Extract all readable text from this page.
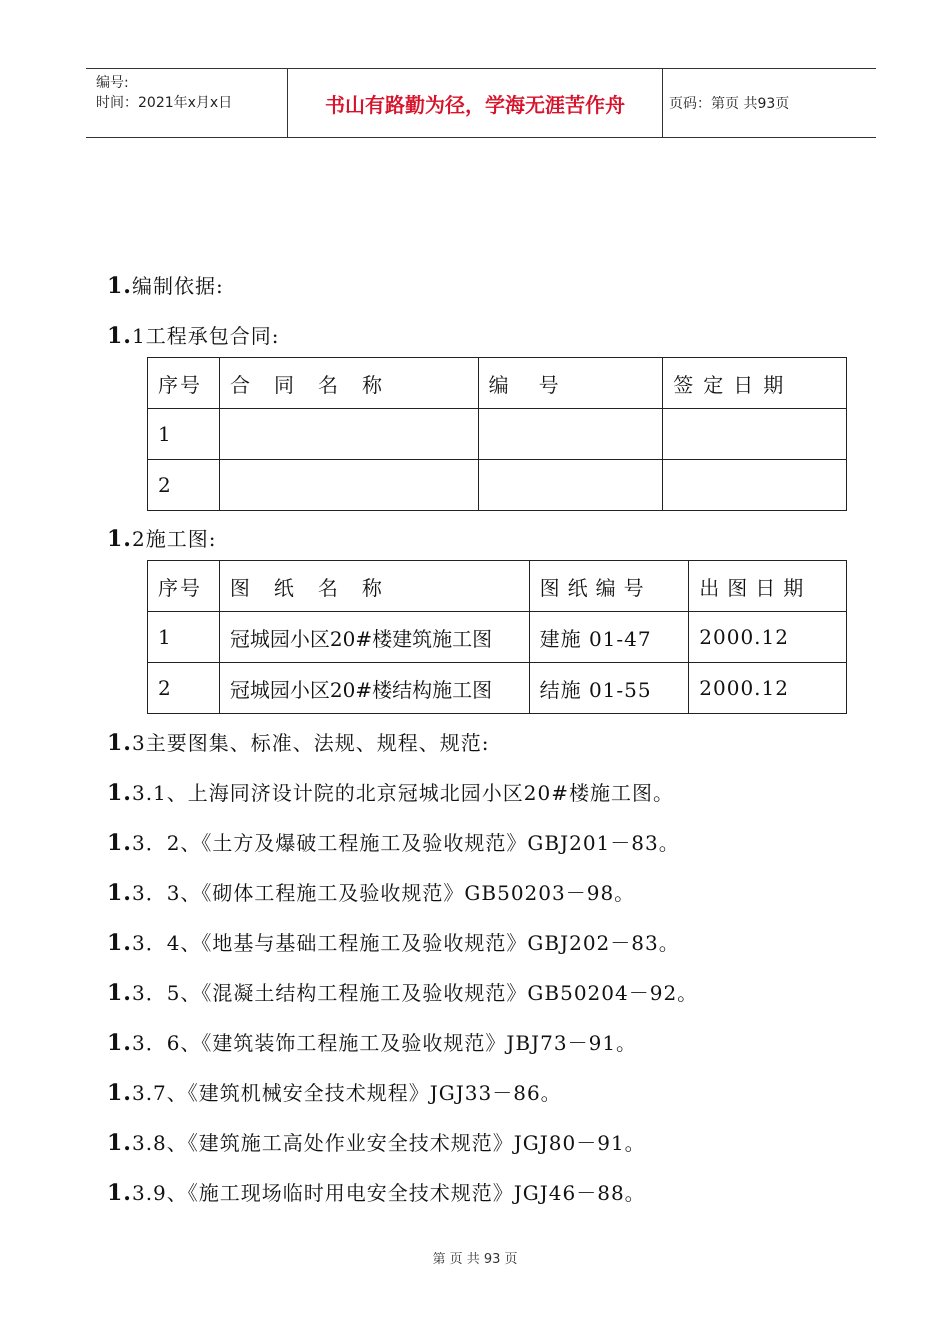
编号:
时间：2021年x月x日	书山有路勤为径，学海无涯苦作舟	页码：第页 共93页
1.编制依据:
1.1工程承包合同:
序号	合同名称	编号	签定日期
1			
2			
1.2施工图:
序号	图纸名称	图纸编号	出图日期
1	冠城园小区20#楼建筑施工图	建施 01-47	2000.12
2	冠城园小区20#楼结构施工图	结施 01-55	2000.12
1.3主要图集、标准、法规、规程、规范:
1.3.1、上海同济设计院的北京冠城北园小区20#楼施工图。
1.3．2、《土方及爆破工程施工及验收规范》GBJ201－83。
1.3．3、《砌体工程施工及验收规范》GB50203－98。
1.3．4、《地基与基础工程施工及验收规范》GBJ202－83。
1.3．5、《混凝土结构工程施工及验收规范》GB50204－92。
1.3．6、《建筑装饰工程施工及验收规范》JBJ73－91。
1.3.7、《建筑机械安全技术规程》JGJ33－86。
1.3.8、《建筑施工高处作业安全技术规范》JGJ80－91。
1.3.9、《施工现场临时用电安全技术规范》JGJ46－88。
第 页 共 93 页
